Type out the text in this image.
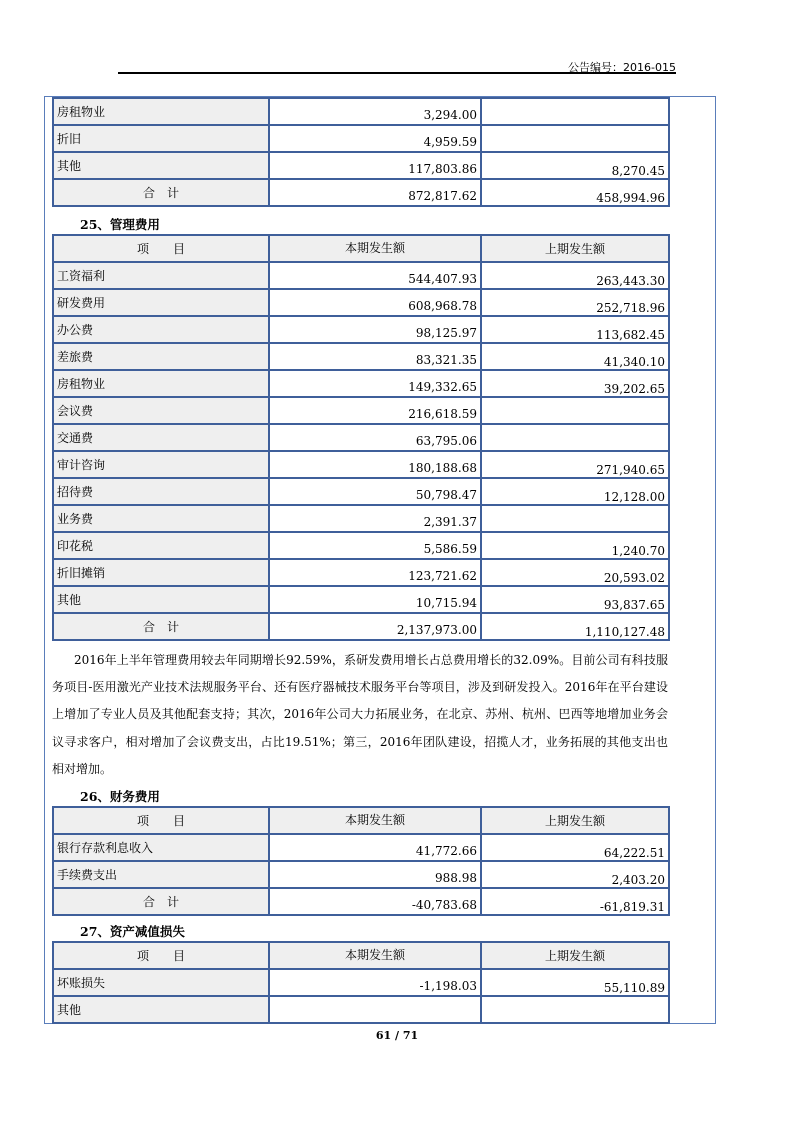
公告编号：2016-015
房租物业	3,294.00	
折旧	4,959.59	
其他	117,803.86	8,270.45
合　计	872,817.62	458,994.96
25、管理费用
项　　目	本期发生额	上期发生额
工资福利	544,407.93	263,443.30
研发费用	608,968.78	252,718.96
办公费	98,125.97	113,682.45
差旅费	83,321.35	41,340.10
房租物业	149,332.65	39,202.65
会议费	216,618.59	
交通费	63,795.06	
审计咨询	180,188.68	271,940.65
招待费	50,798.47	12,128.00
业务费	2,391.37	
印花税	5,586.59	1,240.70
折旧摊销	123,721.62	20,593.02
其他	10,715.94	93,837.65
合　计	2,137,973.00	1,110,127.48

2016年上半年管理费用较去年同期增长92.59%，系研发费用增长占总费用增长的32.09%。目前公司有科技服务项目-医用激光产业技术法规服务平台、还有医疗器械技术服务平台等项目，涉及到研发投入。2016年在平台建设上增加了专业人员及其他配套支持；其次，2016年公司大力拓展业务，在北京、苏州、杭州、巴西等地增加业务会议寻求客户，相对增加了会议费支出，占比19.51%；第三，2016年团队建设，招揽人才，业务拓展的其他支出也相对增加。

26、财务费用
项　　目	本期发生额	上期发生额
银行存款利息收入	41,772.66	64,222.51
手续费支出	988.98	2,403.20
合　计	-40,783.68	-61,819.31
27、资产减值损失
项　　目	本期发生额	上期发生额
坏账损失	-1,198.03	55,110.89
其他		
61 / 71
